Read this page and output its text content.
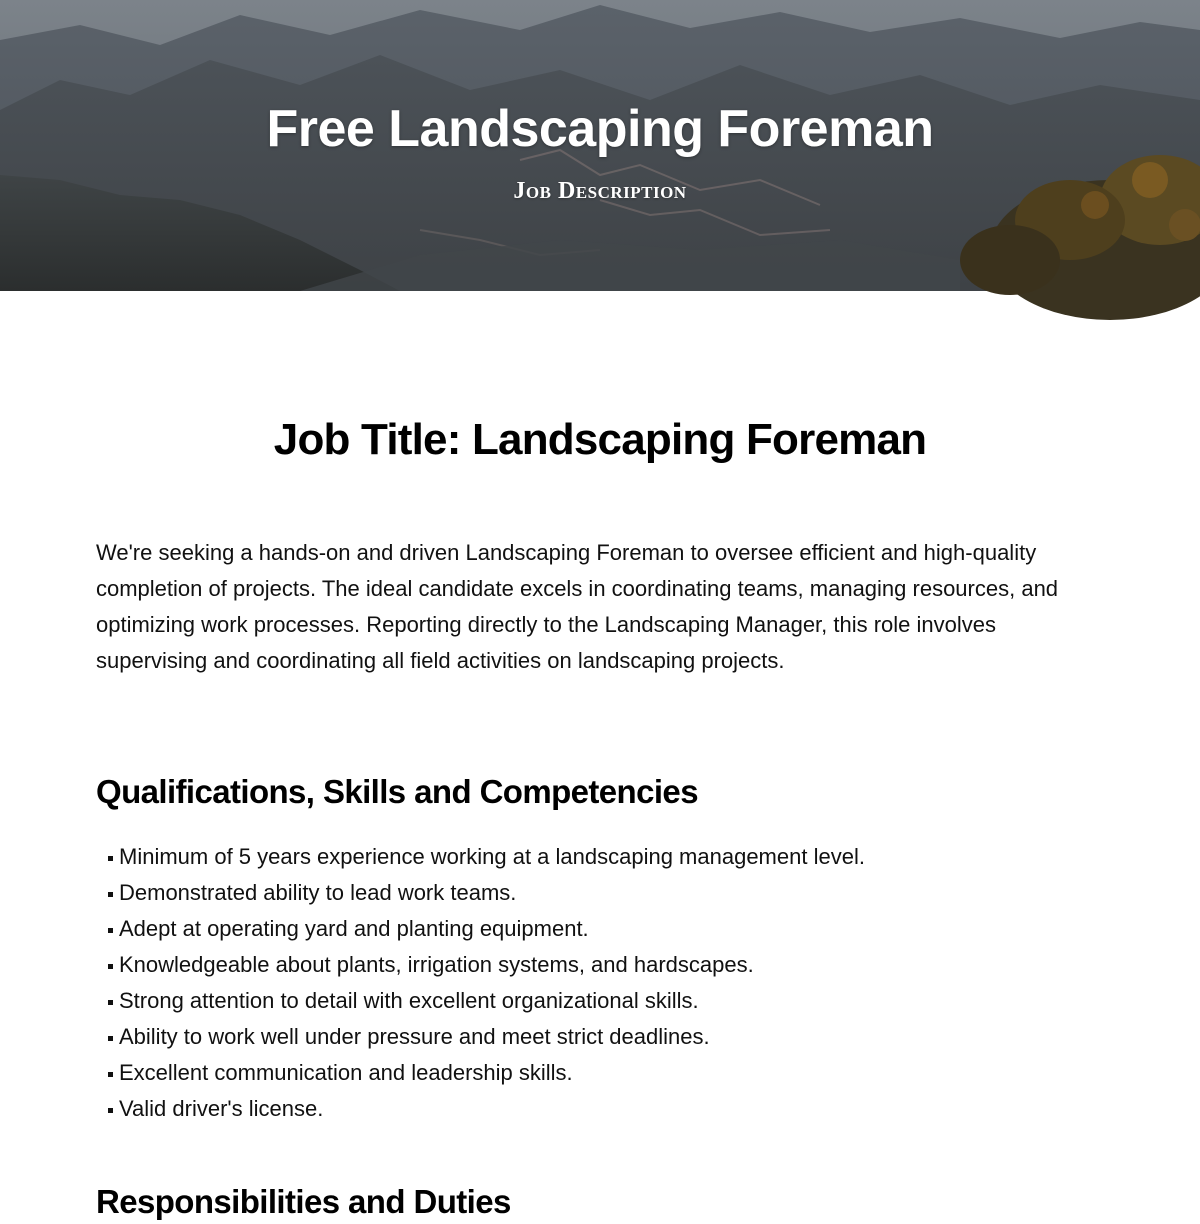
Free Landscaping Foreman
Job Description
Job Title: Landscaping Foreman

We're seeking a hands-on and driven Landscaping Foreman to oversee efficient and high-quality completion of projects. The ideal candidate excels in coordinating teams, managing resources, and optimizing work processes. Reporting directly to the Landscaping Manager, this role involves supervising and coordinating all field activities on landscaping projects.

Qualifications, Skills and Competencies
Minimum of 5 years experience working at a landscaping management level.
Demonstrated ability to lead work teams.
Adept at operating yard and planting equipment.
Knowledgeable about plants, irrigation systems, and hardscapes.
Strong attention to detail with excellent organizational skills.
Ability to work well under pressure and meet strict deadlines.
Excellent communication and leadership skills.
Valid driver's license.
Responsibilities and Duties
